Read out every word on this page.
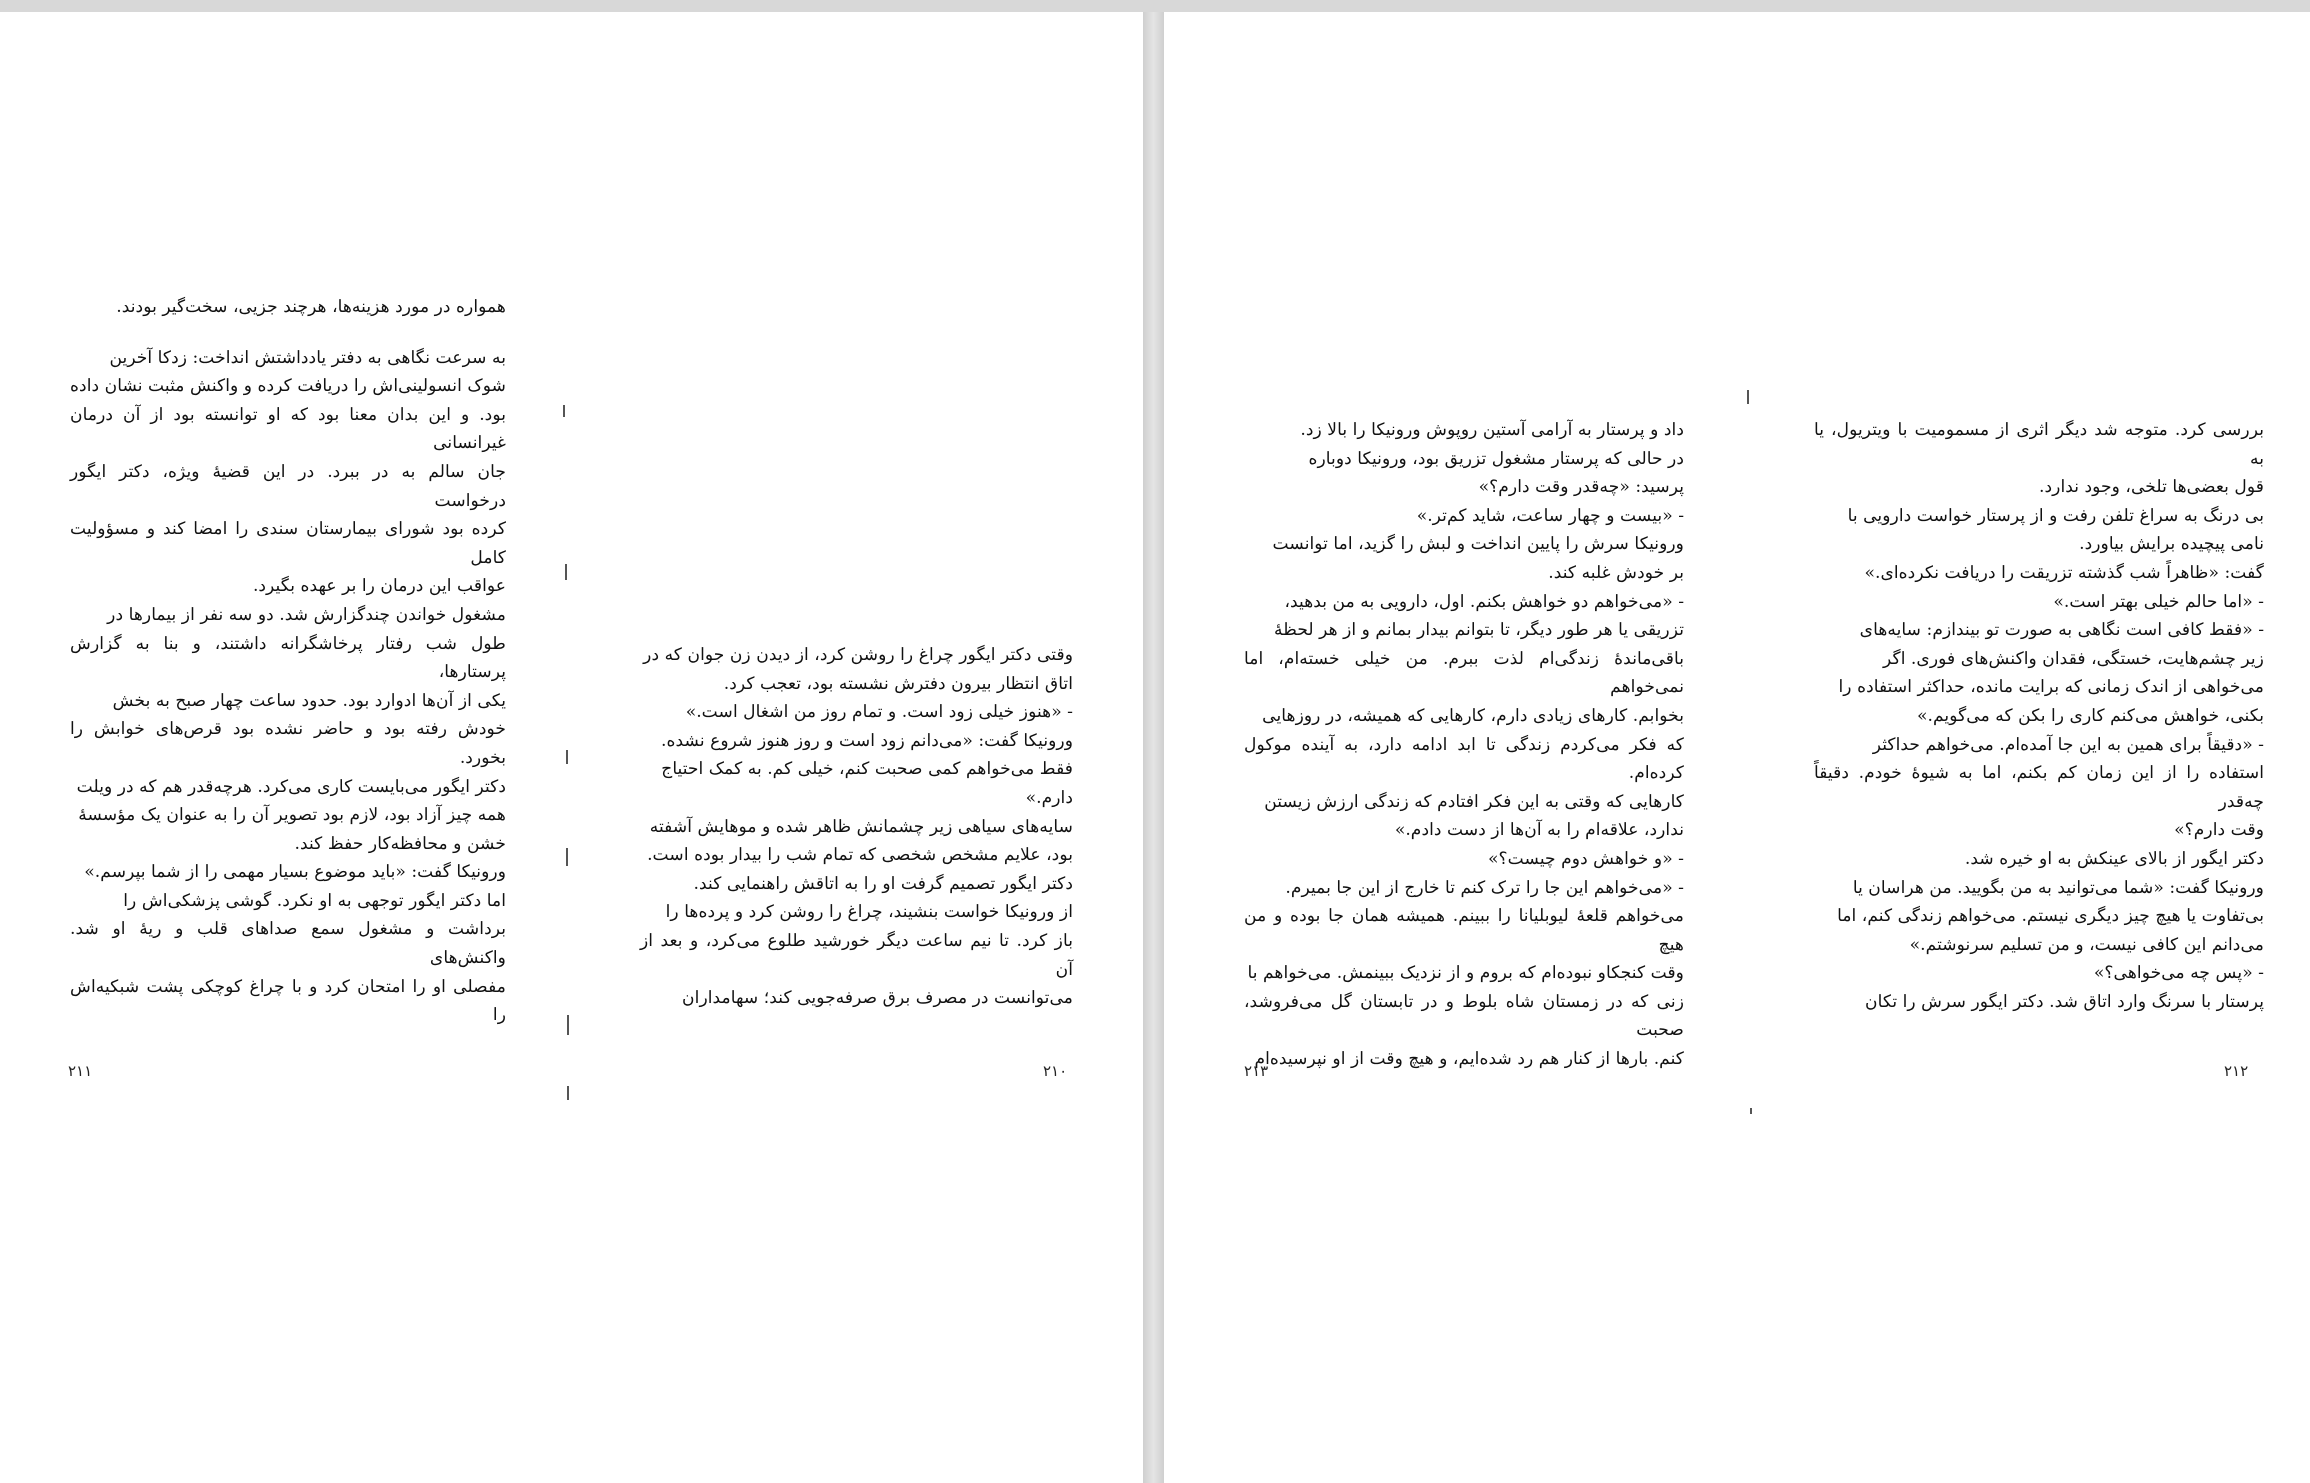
همواره در مورد هزینه‌ها، هرچند جزیی، سخت‌گیر بودند.

به سرعت نگاهی به دفتر یادداشتش انداخت: زدکا آخرین
شوک انسولینی‌اش را دریافت کرده و واکنش مثبت نشان داده
بود. و این بدان معنا بود که او توانسته بود از آن درمان غیرانسانی
جان سالم به در ببرد. در این قضیهٔ ویژه، دکتر ایگور درخواست
کرده بود شورای بیمارستان سندی را امضا کند و مسؤولیت کامل
عواقب این درمان را بر عهده بگیرد.

مشغول خواندن چندگزارش شد. دو سه نفر از بیمارها در
طول شب رفتار پرخاشگرانه داشتند، و بنا به گزارش پرستارها،
یکی از آن‌ها ادوارد بود. حدود ساعت چهار صبح به بخش
خودش رفته بود و حاضر نشده بود قرص‌های خوابش را بخورد.
دکتر ایگور می‌بایست کاری می‌کرد. هرچه‌قدر هم که در ویلت
همه چیز آزاد بود، لازم بود تصویر آن را به عنوان یک مؤسسهٔ
خشن و محافظه‌کار حفظ کند.

ورونیکا گفت: «باید موضوع بسیار مهمی را از شما بپرسم.»

اما دکتر ایگور توجهی به او نکرد. گوشی پزشکی‌اش را
برداشت و مشغول سمع صداهای قلب و ریهٔ او شد. واکنش‌های
مفصلی او را امتحان کرد و با چراغ کوچکی پشت شبکیه‌اش را

۲۱۱

وقتی دکتر ایگور چراغ را روشن کرد، از دیدن زن جوان که در
اتاق انتظار بیرون دفترش نشسته بود، تعجب کرد.

- «هنوز خیلی زود است. و تمام روز من اشغال است.»

ورونیکا گفت: «می‌دانم زود است و روز هنوز شروع نشده.
فقط می‌خواهم کمی صحبت کنم، خیلی کم. به کمک احتیاج
دارم.»

سایه‌های سیاهی زیر چشمانش ظاهر شده و موهایش آشفته
بود، علایم مشخص شخصی که تمام شب را بیدار بوده است.

دکتر ایگور تصمیم گرفت او را به اتاقش راهنمایی کند.

از ورونیکا خواست بنشیند، چراغ را روشن کرد و پرده‌ها را
باز کرد. تا نیم ساعت دیگر خورشید طلوع می‌کرد، و بعد از آن
می‌توانست در مصرف برق صرفه‌جویی کند؛ سهامداران

۲۱۰

داد و پرستار به آرامی آستین روپوش ورونیکا را بالا زد.

در حالی که پرستار مشغول تزریق بود، ورونیکا دوباره
پرسید: «چه‌قدر وقت دارم؟»

- «بیست و چهار ساعت، شاید کم‌تر.»

ورونیکا سرش را پایین انداخت و لبش را گزید، اما توانست
بر خودش غلبه کند.

- «می‌خواهم دو خواهش بکنم. اول، دارویی به من بدهید،
تزریقی یا هر طور دیگر، تا بتوانم بیدار بمانم و از هر لحظهٔ
باقی‌ماندهٔ زندگی‌ام لذت ببرم. من خیلی خسته‌ام، اما نمی‌خواهم
بخوابم. کارهای زیادی دارم، کارهایی که همیشه، در روزهایی
که فکر می‌کردم زندگی تا ابد ادامه دارد، به آینده موکول کرده‌ام.
کارهایی که وقتی به این فکر افتادم که زندگی ارزش زیستن
ندارد، علاقه‌ام را به آن‌ها از دست دادم.»

- «و خواهش دوم چیست؟»

- «می‌خواهم این جا را ترک کنم تا خارج از این جا بمیرم.
می‌خواهم قلعهٔ لیوبلیانا را ببینم. همیشه همان جا بوده و من هیچ
وقت کنجکاو نبوده‌ام که بروم و از نزدیک ببینمش. می‌خواهم با
زنی که در زمستان شاه بلوط و در تابستان گل می‌فروشد، صحبت
کنم. بارها از کنار هم رد شده‌ایم، و هیچ وقت از او نپرسیده‌ام

۲۱۳

بررسی کرد. متوجه شد دیگر اثری از مسمومیت با ویتریول، یا به
قول بعضی‌ها تلخی، وجود ندارد.

بی درنگ به سراغ تلفن رفت و از پرستار خواست دارویی با
نامی پیچیده برایش بیاورد.

گفت: «ظاهراً شب گذشته تزریقت را دریافت نکرده‌ای.»

- «اما حالم خیلی بهتر است.»

- «فقط کافی است نگاهی به صورت تو بیندازم: سایه‌های
زیر چشم‌هایت، خستگی، فقدان واکنش‌های فوری. اگر
می‌خواهی از اندک زمانی که برایت مانده، حداکثر استفاده را
بکنی، خواهش می‌کنم کاری را بکن که می‌گویم.»

- «دقیقاً برای همین به این جا آمده‌ام. می‌خواهم حداکثر
استفاده را از این زمان کم بکنم، اما به شیوهٔ خودم. دقیقاً چه‌قدر
وقت دارم؟»

دکتر ایگور از بالای عینکش به او خیره شد.

ورونیکا گفت: «شما می‌توانید به من بگویید. من هراسان یا
بی‌تفاوت یا هیچ چیز دیگری نیستم. می‌خواهم زندگی کنم، اما
می‌دانم این کافی نیست، و من تسلیم سرنوشتم.»

- «پس چه می‌خواهی؟»

پرستار با سرنگ وارد اتاق شد. دکتر ایگور سرش را تکان

۲۱۲
